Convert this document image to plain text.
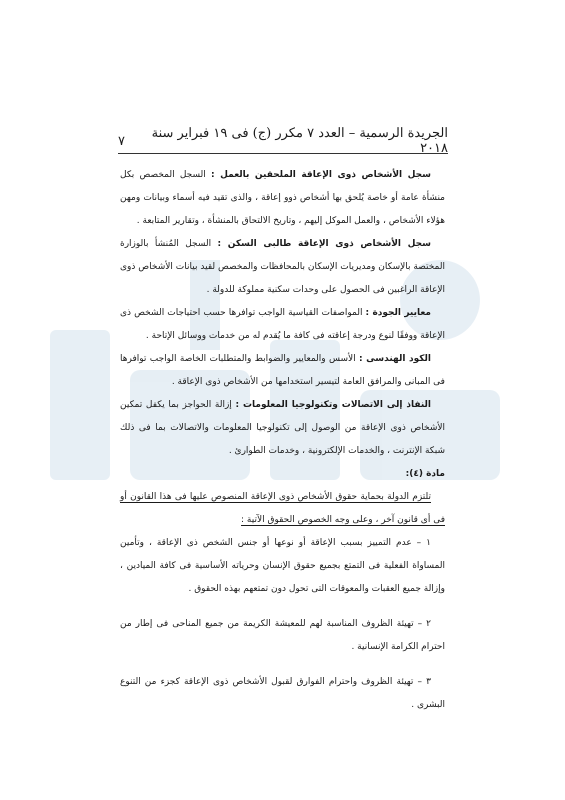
الجريدة الرسمية – العدد ٧ مكرر (ج) فى ١٩ فبراير سنة ٢٠١٨
٧

سجل الأشخاص ذوى الإعاقة الملحقين بالعمل : السجل المخصص بكل منشأة عامة أو خاصة يُلحق بها أشخاص ذوو إعاقة ، والذى تقيد فيه أسماء وبيانات ومهن هؤلاء الأشخاص ، والعمل الموكل إليهم ، وتاريخ الالتحاق بالمنشأة ، وتقارير المتابعة .

سجل الأشخاص ذوى الإعاقة طالبى السكن : السجل المُنشأ بالوزارة المختصة بالإسكان ومديريات الإسكان بالمحافظات والمخصص لقيد بيانات الأشخاص ذوى الإعاقة الراغبين فى الحصول على وحدات سكنية مملوكة للدولة .

معايير الجودة : المواصفات القياسية الواجب توافرها حسب احتياجات الشخص ذى الإعاقة ووفقًا لنوع ودرجة إعاقته فى كافة ما يُقدم له من خدمات ووسائل الإتاحة .

الكود الهندسى : الأسس والمعايير والضوابط والمتطلبات الخاصة الواجب توافرها فى المبانى والمرافق العامة لتيسير استخدامها من الأشخاص ذوى الإعاقة .

النفاذ إلى الاتصالات وتكنولوجيا المعلومات : إزالة الحواجز بما يكفل تمكين الأشخاص ذوى الإعاقة من الوصول إلى تكنولوجيا المعلومات والاتصالات بما فى ذلك شبكة الإنترنت ، والخدمات الإلكترونية ، وخدمات الطوارئ .

مادة (٤):

تلتزم الدولة بحماية حقوق الأشخاص ذوى الإعاقة المنصوص عليها فى هذا القانون أو فى أى قانون آخر ، وعلى وجه الخصوص الحقوق الآتية :

١ – عدم التمييز بسبب الإعاقة أو نوعها أو جنس الشخص ذى الإعاقة ، وتأمين المساواة الفعلية فى التمتع بجميع حقوق الإنسان وحرياته الأساسية فى كافة الميادين ، وإزالة جميع العقبات والمعوقات التى تحول دون تمتعهم بهذه الحقوق .

٢ – تهيئة الظروف المناسبة لهم للمعيشة الكريمة من جميع المناحى فى إطار من احترام الكرامة الإنسانية .

٣ – تهيئة الظروف واحترام الفوارق لقبول الأشخاص ذوى الإعاقة كجزء من التنوع البشرى .
